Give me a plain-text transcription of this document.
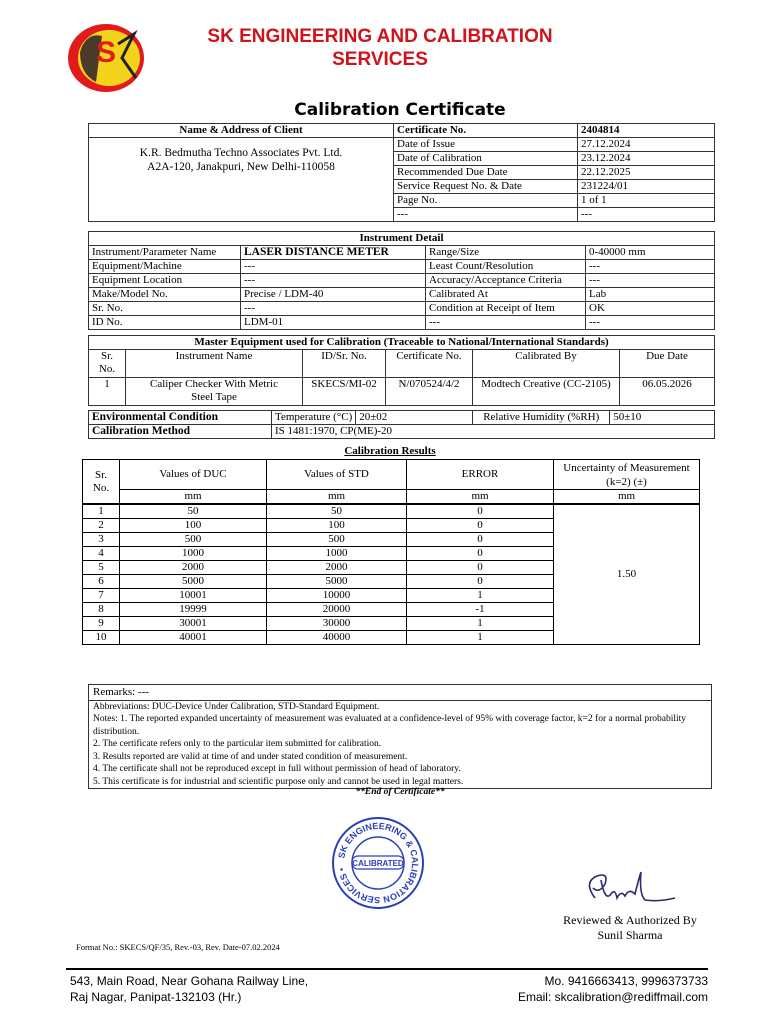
S	SK ENGINEERING AND CALIBRATION
SERVICES
Calibration Certificate
Name & Address of Client	Certificate No.	2404814

K.R. Bedmutha Techno Associates Pvt. Ltd.
A2A-120, Janakpuri, New Delhi-110058	Date of Issue	27.12.2024
	Date of Calibration	23.12.2024
	Recommended Due Date	22.12.2025
	Service Request No. & Date	231224/01
	Page No.	1 of 1
	---	---
Instrument Detail			
Instrument/Parameter Name	LASER DISTANCE METER	Range/Size	0-40000 mm
Equipment/Machine	---	Least Count/Resolution	---
Equipment Location	---	Accuracy/Acceptance Criteria	---
Make/Model No.	Precise / LDM-40	Calibrated At	Lab
Sr. No.	---	Condition at Receipt of Item	OK
ID No.	LDM-01	---	---
Master Equipment used for Calibration (Traceable to National/International Standards)					
Sr. No.	Instrument Name	ID/Sr. No.	Certificate No.	Calibrated By	Due Date
1	Caliper Checker With Metric Steel Tape	SKECS/MI-02	N/070524/4/2	Modtech Creative (CC-2105)	06.05.2026
Environmental Condition	Temperature (°C)	20±02	Relative Humidity (%RH)	50±10
Calibration Method	IS 1481:1970, CP(ME)-20			
Calibration Results
Sr. No.	Values of DUC	Values of STD	ERROR	Uncertainty of Measurement (k=2) (±)
	mm	mm	mm	mm
1	50	50	0	1.50
2	100	100	0	
3	500	500	0	
4	1000	1000	0	
5	2000	2000	0	
6	5000	5000	0	
7	10001	10000	1	
8	19999	20000	-1	
9	30001	30000	1	
10	40001	40000	1	
Remarks: ---
Abbreviations: DUC-Device Under Calibration, STD-Standard Equipment.
Notes: 1. The reported expanded uncertainty of measurement was evaluated at a confidence-level of 95% with coverage factor, k=2 for a normal probability distribution.
2. The certificate refers only to the particular item submitted for calibration.
3. Results reported are valid at time of and under stated condition of measurement.
4. The certificate shall not be reproduced except in full without permission of head of laboratory.
5. This certificate is for industrial and scientific purpose only and cannot be used in legal matters.
**End of Certificate**
SK ENGINEERING & CALIBRATION SERVICES •
CALIBRATED
Reviewed & Authorized By
Sunil Sharma
Format No.: SKECS/QF/35, Rev.-03, Rev. Date-07.02.2024
543, Main Road, Near Gohana Railway Line,
Raj Nagar, Panipat-132103 (Hr.)
Mo. 9416663413, 9996373733
Email: skcalibration@rediffmail.com
